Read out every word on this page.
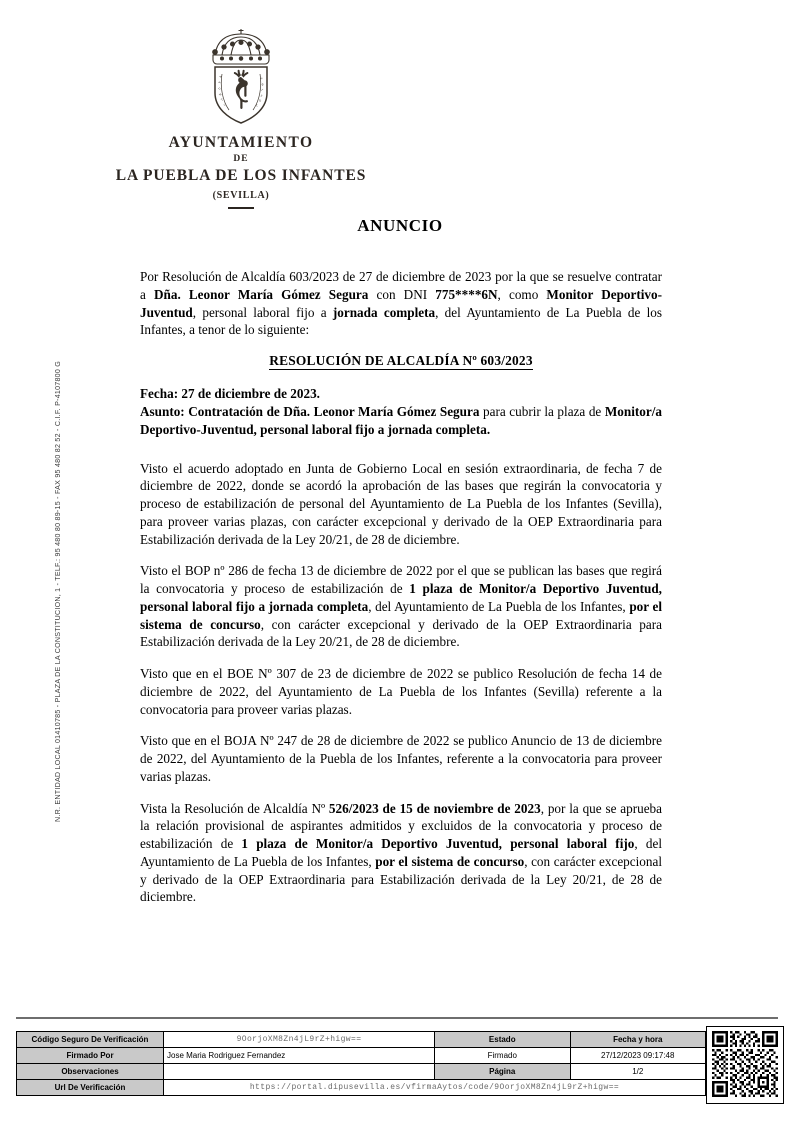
N.R. ENTIDAD LOCAL 01410785 - PLAZA DE LA CONSTITUCION, 1 - TELF.: 95 480 80 89-15 - FAX 95 480 82 52 - C.I.F. P-4107800 G
A
Y
U
N
T
O	L
O
S
I
N
F
AYUNTAMIENTO
DE
LA PUEBLA DE LOS INFANTES
(SEVILLA)
ANUNCIO

Por Resolución de Alcaldía 603/2023 de 27 de diciembre de 2023 por la que se resuelve contratar a Dña. Leonor María Gómez Segura con DNI 775****6N, como Monitor Deportivo-Juventud, personal laboral fijo a jornada completa, del Ayuntamiento de La Puebla de los Infantes, a tenor de lo siguiente:

RESOLUCIÓN DE ALCALDÍA Nº 603/2023
Fecha: 27 de diciembre de 2023.
Asunto: Contratación de Dña. Leonor María Gómez Segura para cubrir la plaza de Monitor/a Deportivo-Juventud, personal laboral fijo a jornada completa.

Visto el acuerdo adoptado en Junta de Gobierno Local en sesión extraordinaria, de fecha 7 de diciembre de 2022, donde se acordó la aprobación de las bases que regirán la convocatoria y proceso de estabilización de personal del Ayuntamiento de La Puebla de los Infantes (Sevilla), para proveer varias plazas, con carácter excepcional y derivado de la OEP Extraordinaria para Estabilización derivada de la Ley 20/21, de 28 de diciembre.

Visto el BOP nº 286 de fecha 13 de diciembre de 2022 por el que se publican las bases que regirá la convocatoria y proceso de estabilización de 1 plaza de Monitor/a Deportivo Juventud, personal laboral fijo a jornada completa, del Ayuntamiento de La Puebla de los Infantes, por el sistema de concurso, con carácter excepcional y derivado de la OEP Extraordinaria para Estabilización derivada de la Ley 20/21, de 28 de diciembre.

Visto que en el BOE Nº 307 de 23 de diciembre de 2022 se publico Resolución de fecha 14 de diciembre de 2022, del Ayuntamiento de La Puebla de los Infantes (Sevilla) referente a la convocatoria para proveer varias plazas.

Visto que en el BOJA Nº 247 de 28 de diciembre de 2022 se publico Anuncio de 13 de diciembre de 2022, del Ayuntamiento de la Puebla de los Infantes, referente a la convocatoria para proveer varias plazas.

Vista la Resolución de Alcaldía Nº 526/2023 de 15 de noviembre de 2023, por la que se aprueba la relación provisional de aspirantes admitidos y excluidos de la convocatoria y proceso de estabilización de 1 plaza de Monitor/a Deportivo Juventud, personal laboral fijo, del Ayuntamiento de La Puebla de los Infantes, por el sistema de concurso, con carácter excepcional y derivado de la OEP Extraordinaria para Estabilización derivada de la Ley 20/21, de 28 de diciembre.

Código Seguro De Verificación	9OorjoXM8Zn4jL9rZ+higw==	Estado	Fecha y hora
Firmado Por	Jose Maria Rodriguez Fernandez	Firmado	27/12/2023 09:17:48
Observaciones		Página	1/2
Url De Verificación	https://portal.dipusevilla.es/vfirmaAytos/code/9OorjoXM8Zn4jL9rZ+higw==		
